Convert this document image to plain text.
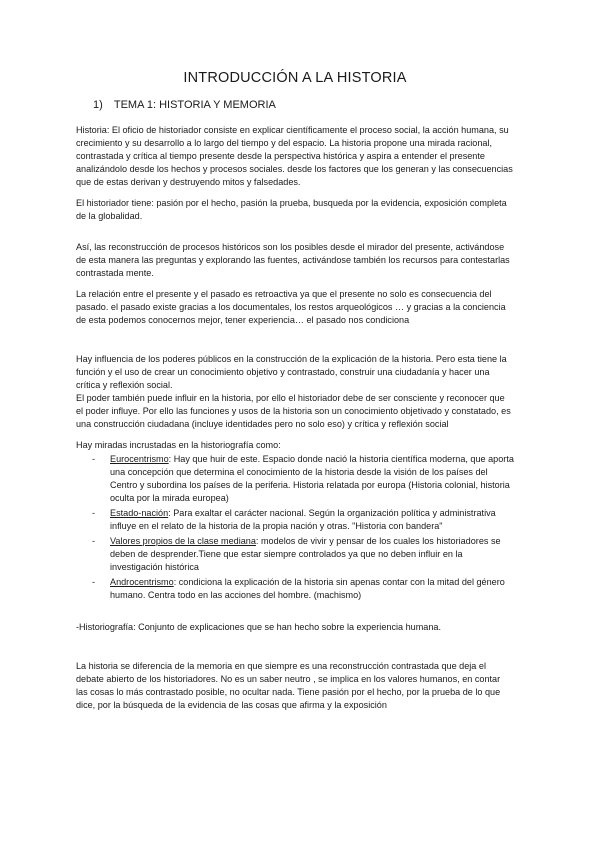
INTRODUCCIÓN A LA HISTORIA
1) TEMA 1: HISTORIA Y MEMORIA

Historia: El oficio de historiador consiste en explicar científicamente el proceso social, la acción humana, su crecimiento y su desarrollo a lo largo del tiempo y del espacio. La historia propone una mirada racional, contrastada y crítica al tiempo presente desde la perspectiva histórica y aspira a entender el presente analizándolo desde los hechos y procesos sociales. desde los factores que los generan y las consecuencias que de estas derivan y destruyendo mitos y falsedades.

El historiador tiene: pasión por el hecho, pasión la prueba, busqueda por la evidencia, exposición completa de la globalidad.

Así, las reconstrucción de procesos históricos son los posibles desde el mirador del presente, activándose de esta manera las preguntas y explorando las fuentes, activándose también los recursos para contestarlas contrastada mente.

La relación entre el presente y el pasado es retroactiva ya que el presente no solo es consecuencia del pasado. el pasado existe gracias a los documentales, los restos arqueológicos … y gracias a la conciencia de esta podemos conocernos mejor, tener experiencia… el pasado nos condiciona

Hay influencia de los poderes públicos en la construcción de la explicación de la historia. Pero esta tiene la función y el uso de crear un conocimiento objetivo y contrastado, construir una ciudadanía y hacer una crítica y reflexión social.

El poder también puede influir en la historia, por ello el historiador debe de ser consciente y reconocer que el poder influye. Por ello las funciones y usos de la historia son un conocimiento objetivado y constatado, es una construcción ciudadana (incluye identidades pero no solo eso) y crítica y reflexión social

Hay miradas incrustadas en la historiografía como:

- Eurocentrismo: Hay que huir de este. Espacio donde nació la historia científica moderna, que aporta una concepción que determina el conocimiento de la historia desde la visión de los países del Centro y subordina los países de la periferia. Historia relatada por europa (Historia colonial, historia oculta por la mirada europea)
- Estado-nación: Para exaltar el carácter nacional. Según la organización política y administrativa influye en el relato de la historia de la propia nación y otras. "Historia con bandera"
- Valores propios de la clase mediana: modelos de vivir y pensar de los cuales los historiadores se deben de desprender.Tiene que estar siempre controlados ya que no deben influir en la investigación histórica
- Androcentrismo: condiciona la explicación de la historia sin apenas contar con la mitad del género humano. Centra todo en las acciones del hombre. (machismo)

-Historiografía: Conjunto de explicaciones que se han hecho sobre la experiencia humana.

La historia se diferencia de la memoria en que siempre es una reconstrucción contrastada que deja el debate abierto de los historiadores. No es un saber neutro , se implica en los valores humanos, en contar las cosas lo más contrastado posible, no ocultar nada. Tiene pasión por el hecho, por la prueba de lo que dice, por la búsqueda de la evidencia de las cosas que afirma y la exposición
